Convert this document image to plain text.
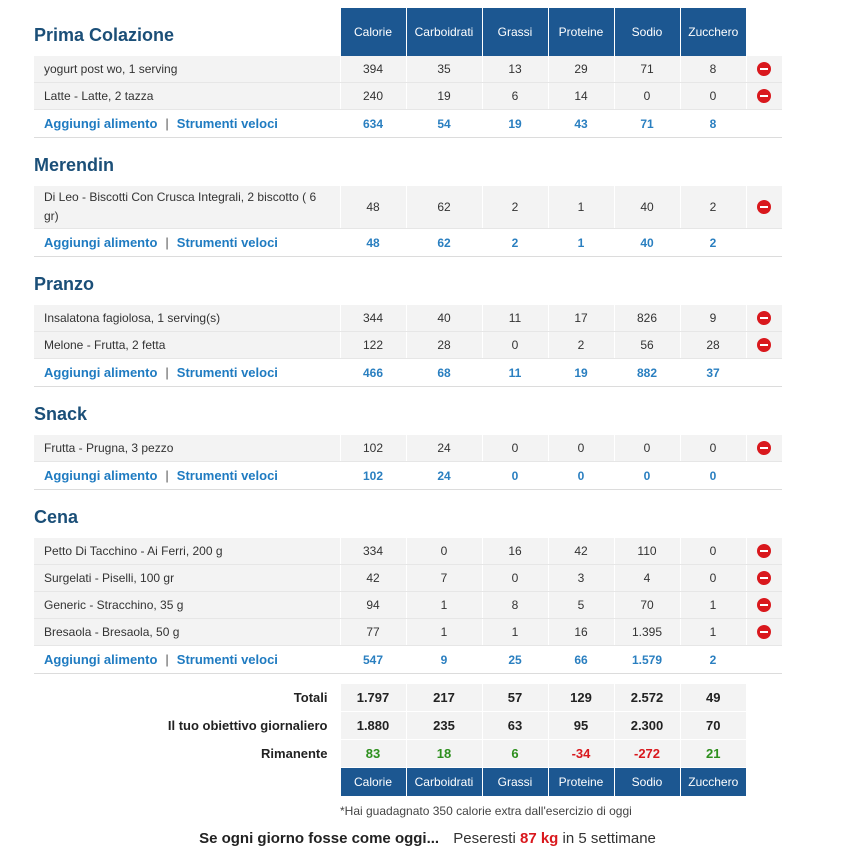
Prima Colazione	Calorie	Carboidrati	Grassi	Proteine	Sodio	Zucchero	
yogurt post wo, 1 serving	394	35	13	29	71	8	
Latte - Latte, 2 tazza	240	19	6	14	0	0	
Aggiungi alimento | Strumenti veloci	634	54	19	43	71	8	
Merendin							
Di Leo - Biscotti Con Crusca Integrali, 2 biscotto ( 6 gr)	48	62	2	1	40	2	
Aggiungi alimento | Strumenti veloci	48	62	2	1	40	2	
Pranzo							
Insalatona fagiolosa, 1 serving(s)	344	40	11	17	826	9	
Melone - Frutta, 2 fetta	122	28	0	2	56	28	
Aggiungi alimento | Strumenti veloci	466	68	11	19	882	37	
Snack							
Frutta - Prugna, 3 pezzo	102	24	0	0	0	0	
Aggiungi alimento | Strumenti veloci	102	24	0	0	0	0	
Cena							
Petto Di Tacchino - Ai Ferri, 200 g	334	0	16	42	110	0	
Surgelati - Piselli, 100 gr	42	7	0	3	4	0	
Generic - Stracchino, 35 g	94	1	8	5	70	1	
Bresaola - Bresaola, 50 g	77	1	1	16	1.395	1	
Aggiungi alimento | Strumenti veloci	547	9	25	66	1.579	2	

Totali	1.797	217	57	129	2.572	49	
Il tuo obiettivo giornaliero	1.880	235	63	95	2.300	70	
Rimanente	83	18	6	-34	-272	21	
	Calorie	Carboidrati	Grassi	Proteine	Sodio	Zucchero	
	*Hai guadagnato 350 calorie extra dall'esercizio di oggi						
Se ogni giorno fosse come oggi... Peseresti 87 kg in 5 settimane
